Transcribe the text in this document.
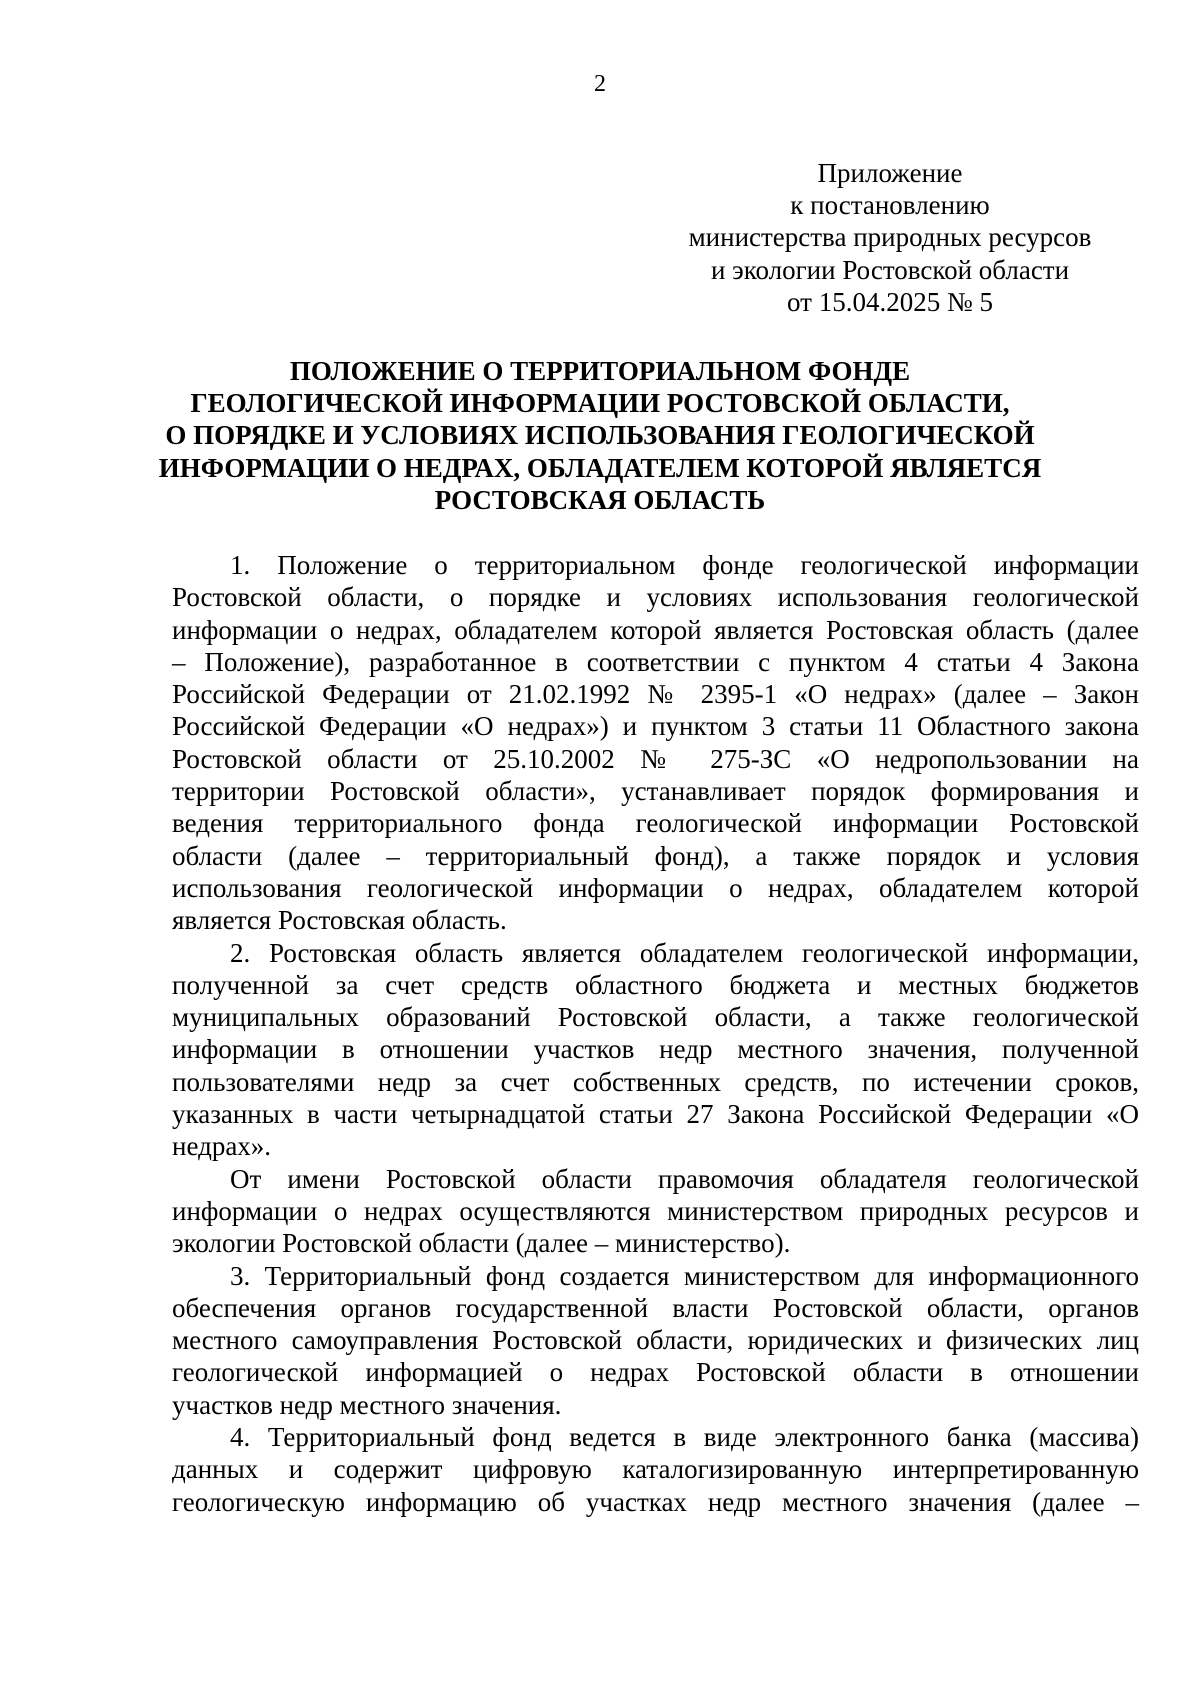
2
Приложение
к постановлению
министерства природных ресурсов
и экологии Ростовской области
от 15.04.2025 № 5
ПОЛОЖЕНИЕ О ТЕРРИТОРИАЛЬНОМ ФОНДЕ
ГЕОЛОГИЧЕСКОЙ ИНФОРМАЦИИ РОСТОВСКОЙ ОБЛАСТИ,
О ПОРЯДКЕ И УСЛОВИЯХ ИСПОЛЬЗОВАНИЯ ГЕОЛОГИЧЕСКОЙ
ИНФОРМАЦИИ О НЕДРАХ, ОБЛАДАТЕЛЕМ КОТОРОЙ ЯВЛЯЕТСЯ
РОСТОВСКАЯ ОБЛАСТЬ
1. Положение о территориальном фонде геологической информации
Ростовской области, о порядке и условиях использования геологической
информации о недрах, обладателем которой является Ростовская область (далее
– Положение), разработанное в соответствии с пунктом 4 статьи 4 Закона
Российской Федерации от 21.02.1992 № 2395-1 «О недрах» (далее – Закон
Российской Федерации «О недрах») и пунктом 3 статьи 11 Областного закона
Ростовской области от 25.10.2002 № 275-ЗС «О недропользовании на
территории Ростовской области», устанавливает порядок формирования и
ведения территориального фонда геологической информации Ростовской
области (далее – территориальный фонд), а также порядок и условия
использования геологической информации о недрах, обладателем которой
является Ростовская область.
2. Ростовская область является обладателем геологической информации,
полученной за счет средств областного бюджета и местных бюджетов
муниципальных образований Ростовской области, а также геологической
информации в отношении участков недр местного значения, полученной
пользователями недр за счет собственных средств, по истечении сроков,
указанных в части четырнадцатой статьи 27 Закона Российской Федерации «О
недрах».
От имени Ростовской области правомочия обладателя геологической
информации о недрах осуществляются министерством природных ресурсов и
экологии Ростовской области (далее – министерство).
3. Территориальный фонд создается министерством для информационного
обеспечения органов государственной власти Ростовской области, органов
местного самоуправления Ростовской области, юридических и физических лиц
геологической информацией о недрах Ростовской области в отношении
участков недр местного значения.
4. Территориальный фонд ведется в виде электронного банка (массива)
данных и содержит цифровую каталогизированную интерпретированную
геологическую информацию об участках недр местного значения (далее –
